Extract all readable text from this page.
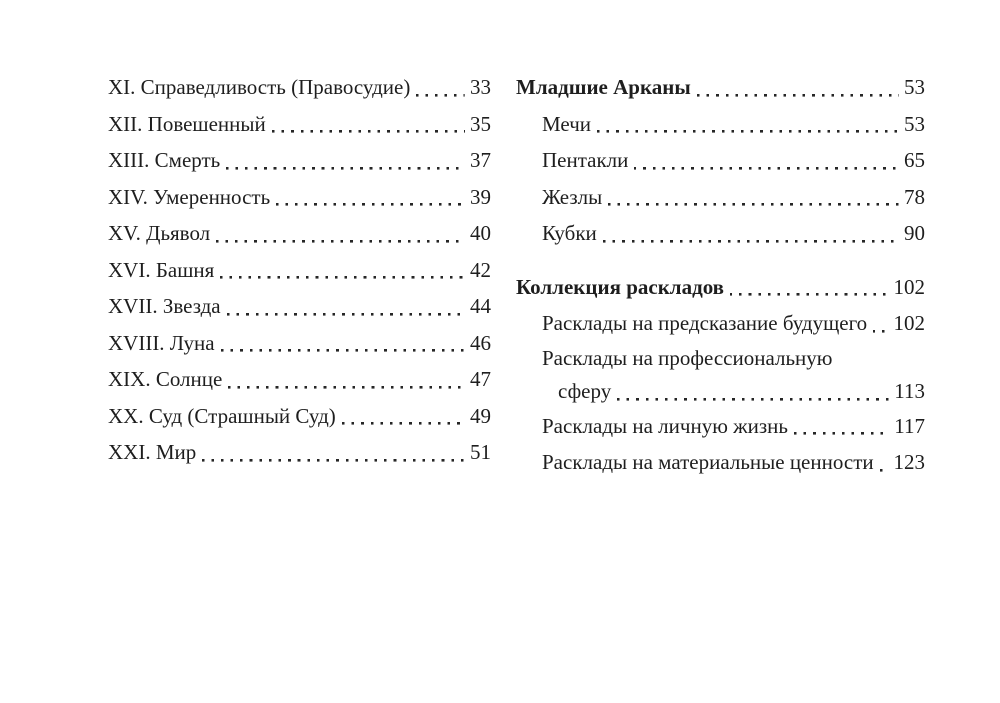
XI. Справедливость (Правосудие)	33
XII. Повешенный	35
XIII. Смерть	37
XIV. Умеренность	39
XV. Дьявол	40
XVI. Башня	42
XVII. Звезда	44
XVIII. Луна	46
XIX. Солнце	47
XX. Суд (Страшный Суд)	49
XXI. Мир	51
Младшие Арканы	53
Мечи	53
Пентакли	65
Жезлы	78
Кубки	90
Коллекция раскладов	102
Расклады на предсказание будущего 102
Расклады на профессиональную
сферу	113
Расклады на личную жизнь	117
Расклады на материальные ценности 123
